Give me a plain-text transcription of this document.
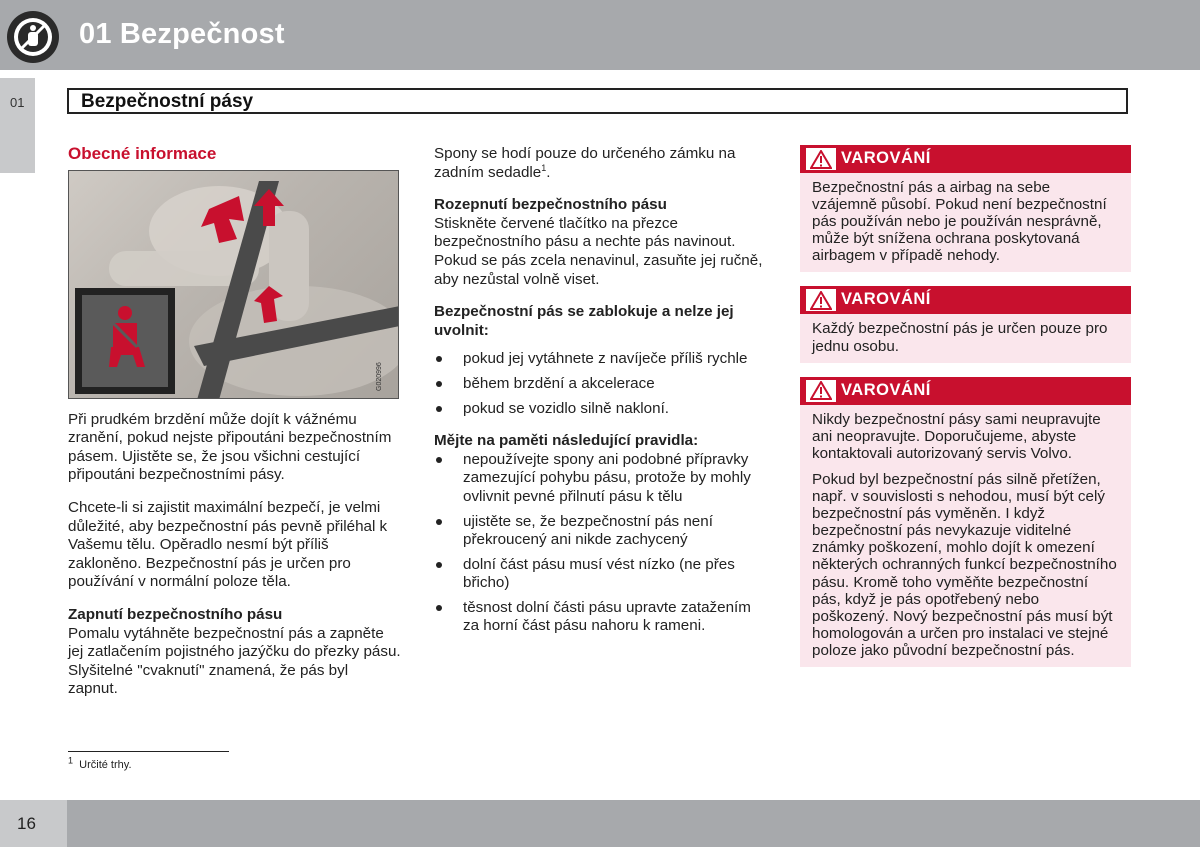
01 Bezpečnost
01	Bezpečnostní pásy
Obecné informace
G020996

Při prudkém brzdění může dojít k vážnému zranění, pokud nejste připoutáni bezpečnostním pásem. Ujistěte se, že jsou všichni cestující připoutáni bezpečnostními pásy.

Chcete-li si zajistit maximální bezpečí, je velmi důležité, aby bezpečnostní pás pevně přiléhal k Vašemu tělu. Opěradlo nesmí být příliš zakloněno. Bezpečnostní pás je určen pro používání v normální poloze těla.

Zapnutí bezpečnostního pásu

Pomalu vytáhněte bezpečnostní pás a zapněte jej zatlačením pojistného jazýčku do přezky pásu. Slyšitelné "cvaknutí" znamená, že pás byl zapnut.

Spony se hodí pouze do určeného zámku na zadním sedadle$^1$.

Rozepnutí bezpečnostního pásu

Stiskněte červené tlačítko na přezce bezpečnostního pásu a nechte pás navinout. Pokud se pás zcela nenavinul, zasuňte jej ručně, aby nezůstal volně viset.

Bezpečnostní pás se zablokuje a nelze jej uvolnit:
pokud jej vytáhnete z navíječe příliš rychle
během brzdění a akcelerace
pokud se vozidlo silně nakloní.
Mějte na paměti následující pravidla:
nepoužívejte spony ani podobné přípravky zamezující pohybu pásu, protože by mohly ovlivnit pevné přilnutí pásu k tělu
ujistěte se, že bezpečnostní pás není překroucený ani nikde zachycený
dolní část pásu musí vést nízko (ne přes břicho)
těsnost dolní části pásu upravte zatažením za horní část pásu nahoru k rameni.
VAROVÁNÍ

Bezpečnostní pás a airbag na sebe vzájemně působí. Pokud není bezpečnostní pás používán nebo je používán nesprávně, může být snížena ochrana poskytovaná airbagem v případě nehody.

VAROVÁNÍ

Každý bezpečnostní pás je určen pouze pro jednu osobu.

VAROVÁNÍ

Nikdy bezpečnostní pásy sami neupravujte ani neopravujte. Doporučujeme, abyste kontaktovali autorizovaný servis Volvo.

Pokud byl bezpečnostní pás silně přetížen, např. v souvislosti s nehodou, musí být celý bezpečnostní pás vyměněn. I když bezpečnostní pás nevykazuje viditelné známky poškození, mohlo dojít k omezení některých ochranných funkcí bezpečnostního pásu. Kromě toho vyměňte bezpečnostní pás, když je pás opotřebený nebo poškozený. Nový bezpečnostní pás musí být homologován a určen pro instalaci ve stejné poloze jako původní bezpečnostní pás.

$^1$ Určité trhy.
16
